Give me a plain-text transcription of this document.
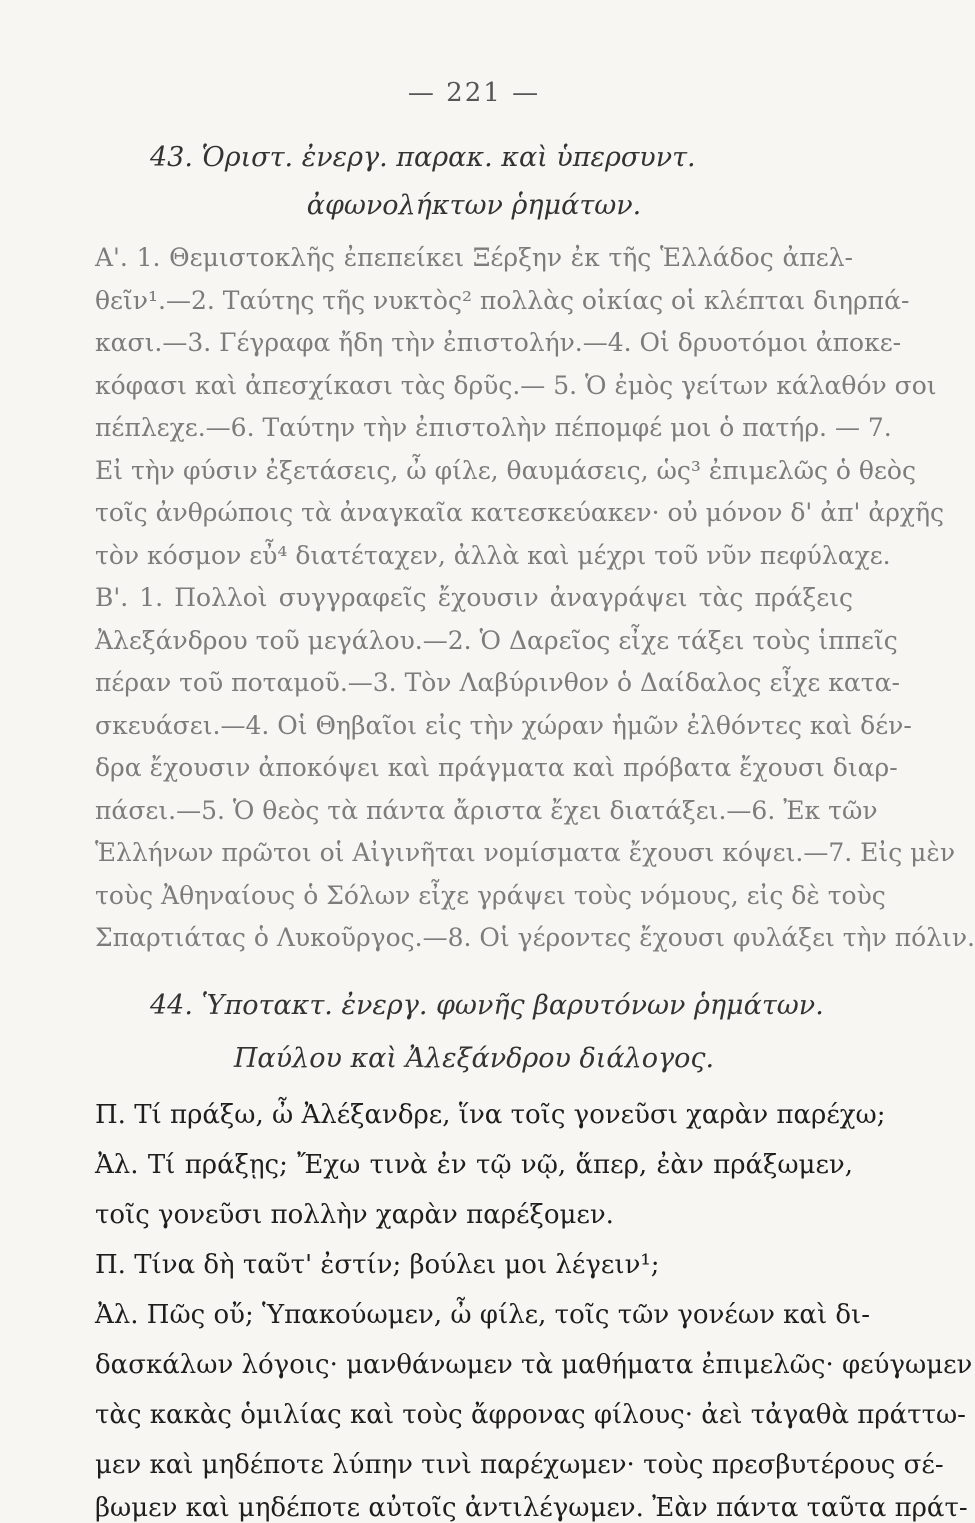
— 221 —
43. Ὁριστ. ἐνεργ. παρακ. καὶ ὑπερσυντ.
ἀφωνολήκτων ῥημάτων.
Α'. 1. Θεμιστοκλῆς ἐπεπείκει Ξέρξην ἐκ τῆς Ἑλλάδος ἀπελ-
θεῖν¹.—2. Ταύτης τῆς νυκτὸς² πολλὰς οἰκίας οἱ κλέπται διηρπά-
κασι.—3. Γέγραφα ἤδη τὴν ἐπιστολήν.—4. Οἱ δρυοτόμοι ἀποκε-
κόφασι καὶ ἀπεσχίκασι τὰς δρῦς.— 5. Ὁ ἐμὸς γείτων κάλαθόν σοι
πέπλεχε.—6. Ταύτην τὴν ἐπιστολὴν πέπομφέ μοι ὁ πατήρ. — 7.
Εἰ τὴν φύσιν ἐξετάσεις, ὦ φίλε, θαυμάσεις, ὡς³ ἐπιμελῶς ὁ θεὸς
τοῖς ἀνθρώποις τὰ ἀναγκαῖα κατεσκεύακεν· οὐ μόνον δ' ἀπ' ἀρχῆς
τὸν κόσμον εὖ⁴ διατέταχεν, ἀλλὰ καὶ μέχρι τοῦ νῦν πεφύλαχε.
Β'. 1. Πολλοὶ συγγραφεῖς ἔχουσιν ἀναγράψει τὰς πράξεις
Ἀλεξάνδρου τοῦ μεγάλου.—2. Ὁ Δαρεῖος εἶχε τάξει τοὺς ἱππεῖς
πέραν τοῦ ποταμοῦ.—3. Τὸν Λαβύρινθον ὁ Δαίδαλος εἶχε κατα-
σκευάσει.—4. Οἱ Θηβαῖοι εἰς τὴν χώραν ἡμῶν ἐλθόντες καὶ δέν-
δρα ἔχουσιν ἀποκόψει καὶ πράγματα καὶ πρόβατα ἔχουσι διαρ-
πάσει.—5. Ὁ θεὸς τὰ πάντα ἄριστα ἔχει διατάξει.—6. Ἐκ τῶν
Ἑλλήνων πρῶτοι οἱ Αἰγινῆται νομίσματα ἔχουσι κόψει.—7. Εἰς μὲν
τοὺς Ἀθηναίους ὁ Σόλων εἶχε γράψει τοὺς νόμους, εἰς δὲ τοὺς
Σπαρτιάτας ὁ Λυκοῦργος.—8. Οἱ γέροντες ἔχουσι φυλάξει τὴν πόλιν.
44. Ὑποτακτ. ἐνεργ. φωνῆς βαρυτόνων ῥημάτων.
Παύλου καὶ Ἀλεξάνδρου διάλογος.
Π. Τί πράξω, ὦ Ἀλέξανδρε, ἵνα τοῖς γονεῦσι χαρὰν παρέχω;
Ἀλ. Τί πράξῃς; Ἔχω τινὰ ἐν τῷ νῷ, ἅπερ, ἐὰν πράξωμεν,
τοῖς γονεῦσι πολλὴν χαρὰν παρέξομεν.
Π. Τίνα δὴ ταῦτ' ἐστίν; βούλει μοι λέγειν¹;
Ἀλ. Πῶς οὔ; Ὑπακούωμεν, ὦ φίλε, τοῖς τῶν γονέων καὶ δι-
δασκάλων λόγοις· μανθάνωμεν τὰ μαθήματα ἐπιμελῶς· φεύγωμεν
τὰς κακὰς ὁμιλίας καὶ τοὺς ἄφρονας φίλους· ἀεὶ τἀγαθὰ πράττω-
μεν καὶ μηδέποτε λύπην τινὶ παρέχωμεν· τοὺς πρεσβυτέρους σέ-
βωμεν καὶ μηδέποτε αὐτοῖς ἀντιλέγωμεν. Ἐὰν πάντα ταῦτα πράτ-
